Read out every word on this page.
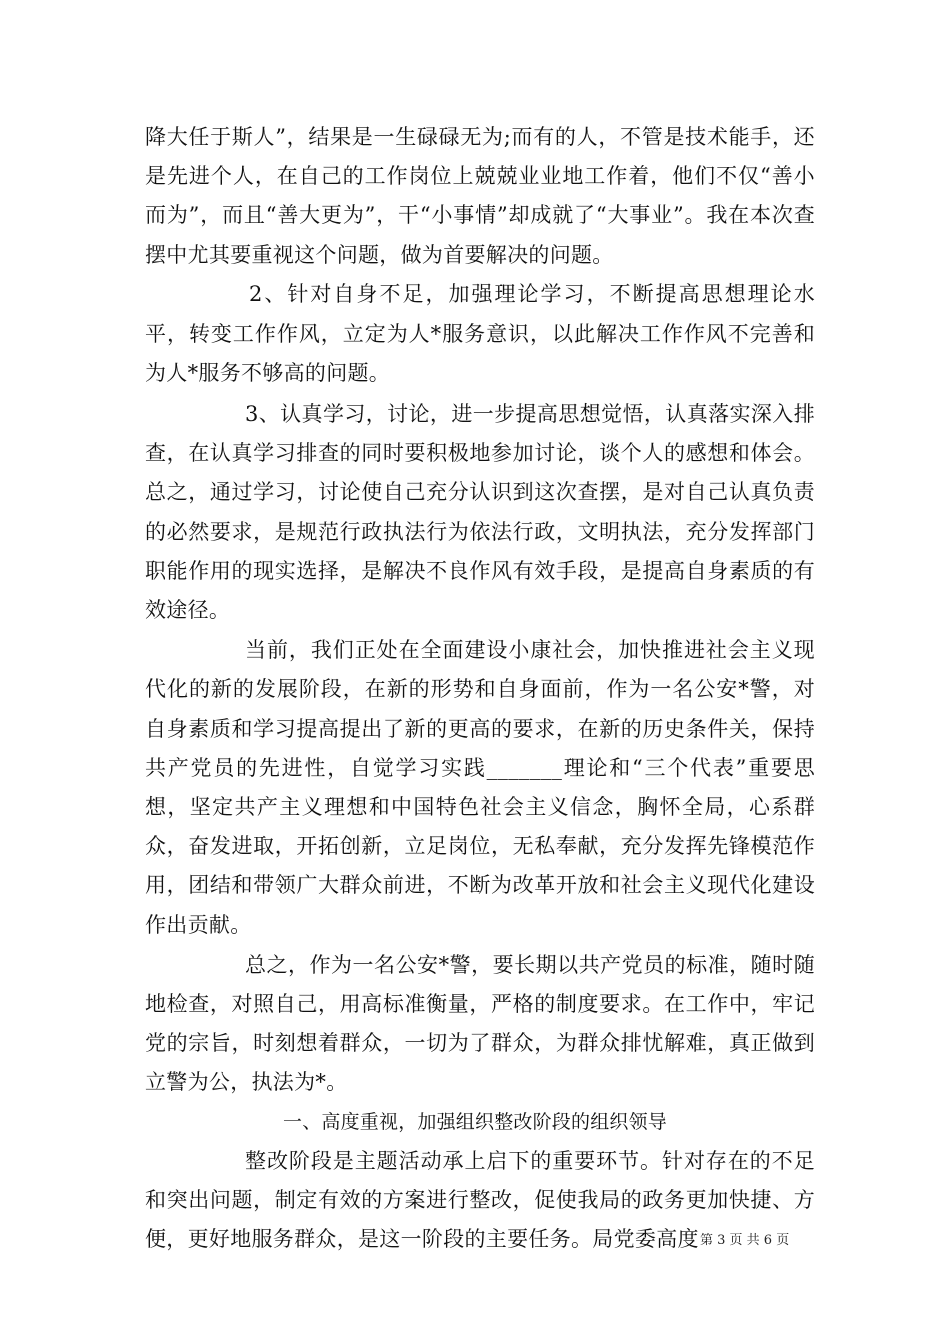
降大任于斯人”，结果是一生碌碌无为;而有的人，不管是技术能手，还是先进个人，在自己的工作岗位上兢兢业业地工作着，他们不仅“善小而为”，而且“善大更为”，干“小事情”却成就了“大事业”。我在本次查摆中尤其要重视这个问题，做为首要解决的问题。

2、针对自身不足，加强理论学习，不断提高思想理论水平，转变工作作风，立定为人*服务意识，以此解决工作作风不完善和为人*服务不够高的问题。

3、认真学习，讨论，进一步提高思想觉悟，认真落实深入排查，在认真学习排查的同时要积极地参加讨论，谈个人的感想和体会。总之，通过学习，讨论使自己充分认识到这次查摆，是对自己认真负责的必然要求，是规范行政执法行为依法行政，文明执法，充分发挥部门职能作用的现实选择，是解决不良作风有效手段，是提高自身素质的有效途径。

当前，我们正处在全面建设小康社会，加快推进社会主义现代化的新的发展阶段，在新的形势和自身面前，作为一名公安*警，对自身素质和学习提高提出了新的更高的要求，在新的历史条件关，保持共产党员的先进性，自觉学习实践_______理论和“三个代表”重要思想，坚定共产主义理想和中国特色社会主义信念，胸怀全局，心系群众，奋发进取，开拓创新，立足岗位，无私奉献，充分发挥先锋模范作用，团结和带领广大群众前进，不断为改革开放和社会主义现代化建设作出贡献。

总之，作为一名公安*警，要长期以共产党员的标准，随时随地检查，对照自己，用高标准衡量，严格的制度要求。在工作中，牢记党的宗旨，时刻想着群众，一切为了群众，为群众排忧解难，真正做到立警为公，执法为*。

一、高度重视，加强组织整改阶段的组织领导

整改阶段是主题活动承上启下的重要环节。针对存在的不足和突出问题，制定有效的方案进行整改，促使我局的政务更加快捷、方便，更好地服务群众，是这一阶段的主要任务。局党委高度 第 3 页 共 6 页
